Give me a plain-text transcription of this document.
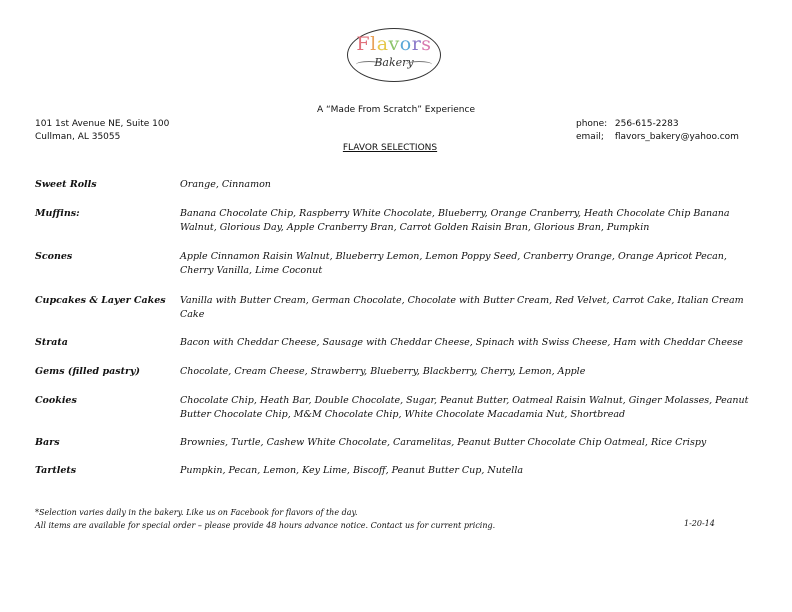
Flavors
Bakery
A “Made From Scratch” Experience
101 1st Avenue NE, Suite 100
Cullman, AL 35055
phone: 256-615-2283
email; flavors_bakery@yahoo.com
FLAVOR SELECTIONS
Sweet Rolls	Orange, Cinnamon
Muffins:	Banana Chocolate Chip, Raspberry White Chocolate, Blueberry, Orange Cranberry, Heath Chocolate Chip Banana Walnut, Glorious Day, Apple Cranberry Bran, Carrot Golden Raisin Bran, Glorious Bran, Pumpkin
Scones	Apple Cinnamon Raisin Walnut, Blueberry Lemon, Lemon Poppy Seed, Cranberry Orange, Orange Apricot Pecan, Cherry Vanilla, Lime Coconut
Cupcakes & Layer Cakes	Vanilla with Butter Cream, German Chocolate, Chocolate with Butter Cream, Red Velvet, Carrot Cake, Italian Cream Cake
Strata	Bacon with Cheddar Cheese, Sausage with Cheddar Cheese, Spinach with Swiss Cheese, Ham with Cheddar Cheese
Gems (filled pastry)	Chocolate, Cream Cheese, Strawberry, Blueberry, Blackberry, Cherry, Lemon, Apple
Cookies	Chocolate Chip, Heath Bar, Double Chocolate, Sugar, Peanut Butter, Oatmeal Raisin Walnut, Ginger Molasses, Peanut Butter Chocolate Chip, M&M Chocolate Chip, White Chocolate Macadamia Nut, Shortbread
Bars	Brownies, Turtle, Cashew White Chocolate, Caramelitas, Peanut Butter Chocolate Chip Oatmeal, Rice Crispy
Tartlets	Pumpkin, Pecan, Lemon, Key Lime, Biscoff, Peanut Butter Cup, Nutella
*Selection varies daily in the bakery. Like us on Facebook for flavors of the day.
All items are available for special order – please provide 48 hours advance notice. Contact us for current pricing.	1-20-14
